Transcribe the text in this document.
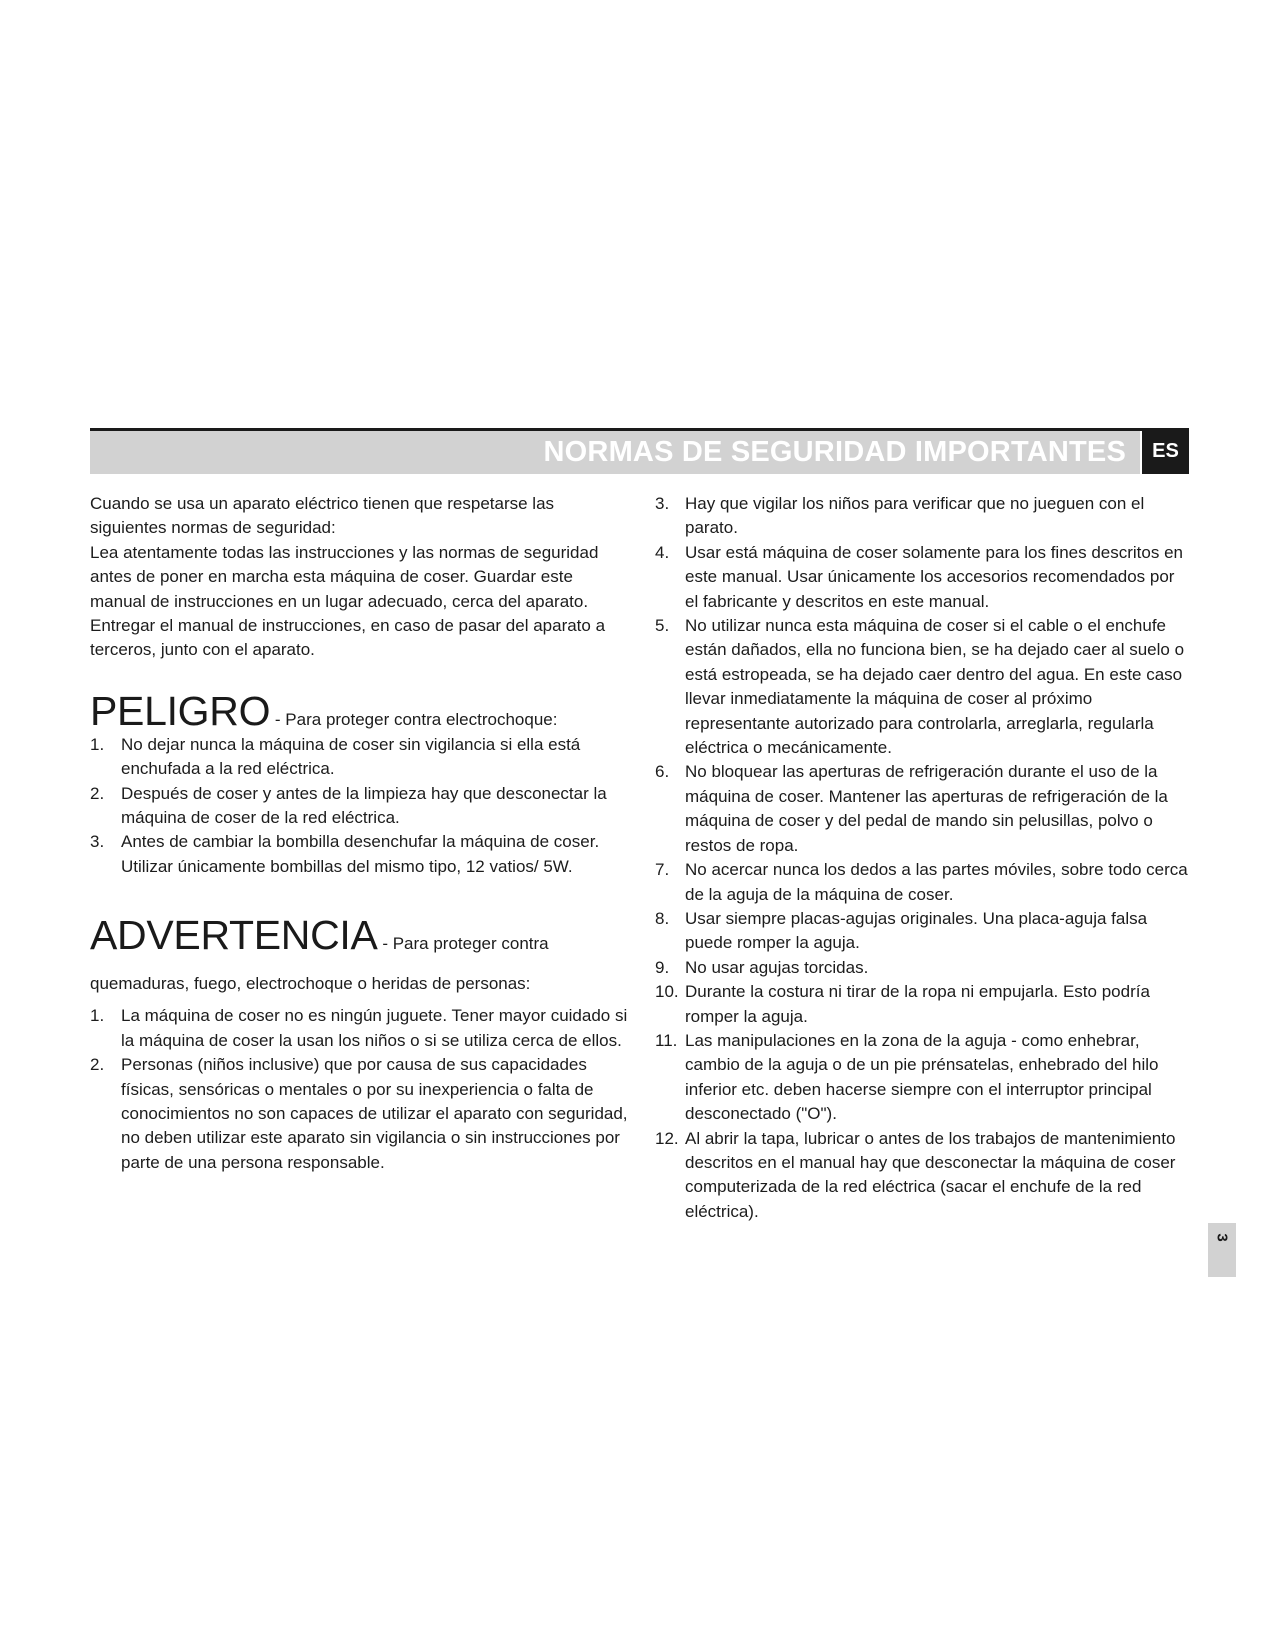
NORMAS DE SEGURIDAD IMPORTANTES	ES

Cuando se usa un aparato eléctrico tienen que respetarse las siguientes normas de seguridad:

Lea atentamente todas las instrucciones y las normas de seguridad antes de poner en marcha esta máquina de coser. Guardar este manual de instrucciones en un lugar adecuado, cerca del aparato. Entregar el manual de instrucciones, en caso de pasar del aparato a terceros, junto con el aparato.

PELIGRO - Para proteger contra electrochoque:
1. No dejar nunca la máquina de coser sin vigilancia si ella está enchufada a la red eléctrica.
2. Después de coser y antes de la limpieza hay que desconectar la máquina de coser de la red eléctrica.
3. Antes de cambiar la bombilla desenchufar la máquina de coser. Utilizar únicamente bombillas del mismo tipo, 12 vatios/ 5W.
ADVERTENCIA - Para proteger contra quemaduras, fuego, electrochoque o heridas de personas:
1. La máquina de coser no es ningún juguete. Tener mayor cuidado si la máquina de coser la usan los niños o si se utiliza cerca de ellos.
2. Personas (niños inclusive) que por causa de sus capacidades físicas, sensóricas o mentales o por su inexperiencia o falta de conocimientos no son capaces de utilizar el aparato con seguridad, no deben utilizar este aparato sin vigilancia o sin instrucciones por parte de una persona responsable.
3. Hay que vigilar los niños para verificar que no jueguen con el parato.
4. Usar está máquina de coser solamente para los fines descritos en este manual. Usar únicamente los accesorios recomendados por el fabricante y descritos en este manual.
5. No utilizar nunca esta máquina de coser si el cable o el enchufe están dañados, ella no funciona bien, se ha dejado caer al suelo o está estropeada, se ha dejado caer dentro del agua. En este caso llevar inmediatamente la máquina de coser al próximo representante autorizado para controlarla, arreglarla, regularla eléctrica o mecánicamente.
6. No bloquear las aperturas de refrigeración durante el uso de la máquina de coser. Mantener las aperturas de refrigeración de la máquina de coser y del pedal de mando sin pelusillas, polvo o restos de ropa.
7. No acercar nunca los dedos a las partes móviles, sobre todo cerca de la aguja de la máquina de coser.
8. Usar siempre placas-agujas originales. Una placa-aguja falsa puede romper la aguja.
9. No usar agujas torcidas.
10. Durante la costura ni tirar de la ropa ni empujarla. Esto podría romper la aguja.
11. Las manipulaciones en la zona de la aguja - como enhebrar, cambio de la aguja o de un pie prénsatelas, enhebrado del hilo inferior etc. deben hacerse siempre con el interruptor principal desconectado ("O").
12. Al abrir la tapa, lubricar o antes de los trabajos de mantenimiento descritos en el manual hay que desconectar la máquina de coser computerizada de la red eléctrica (sacar el enchufe de la red eléctrica).
3
